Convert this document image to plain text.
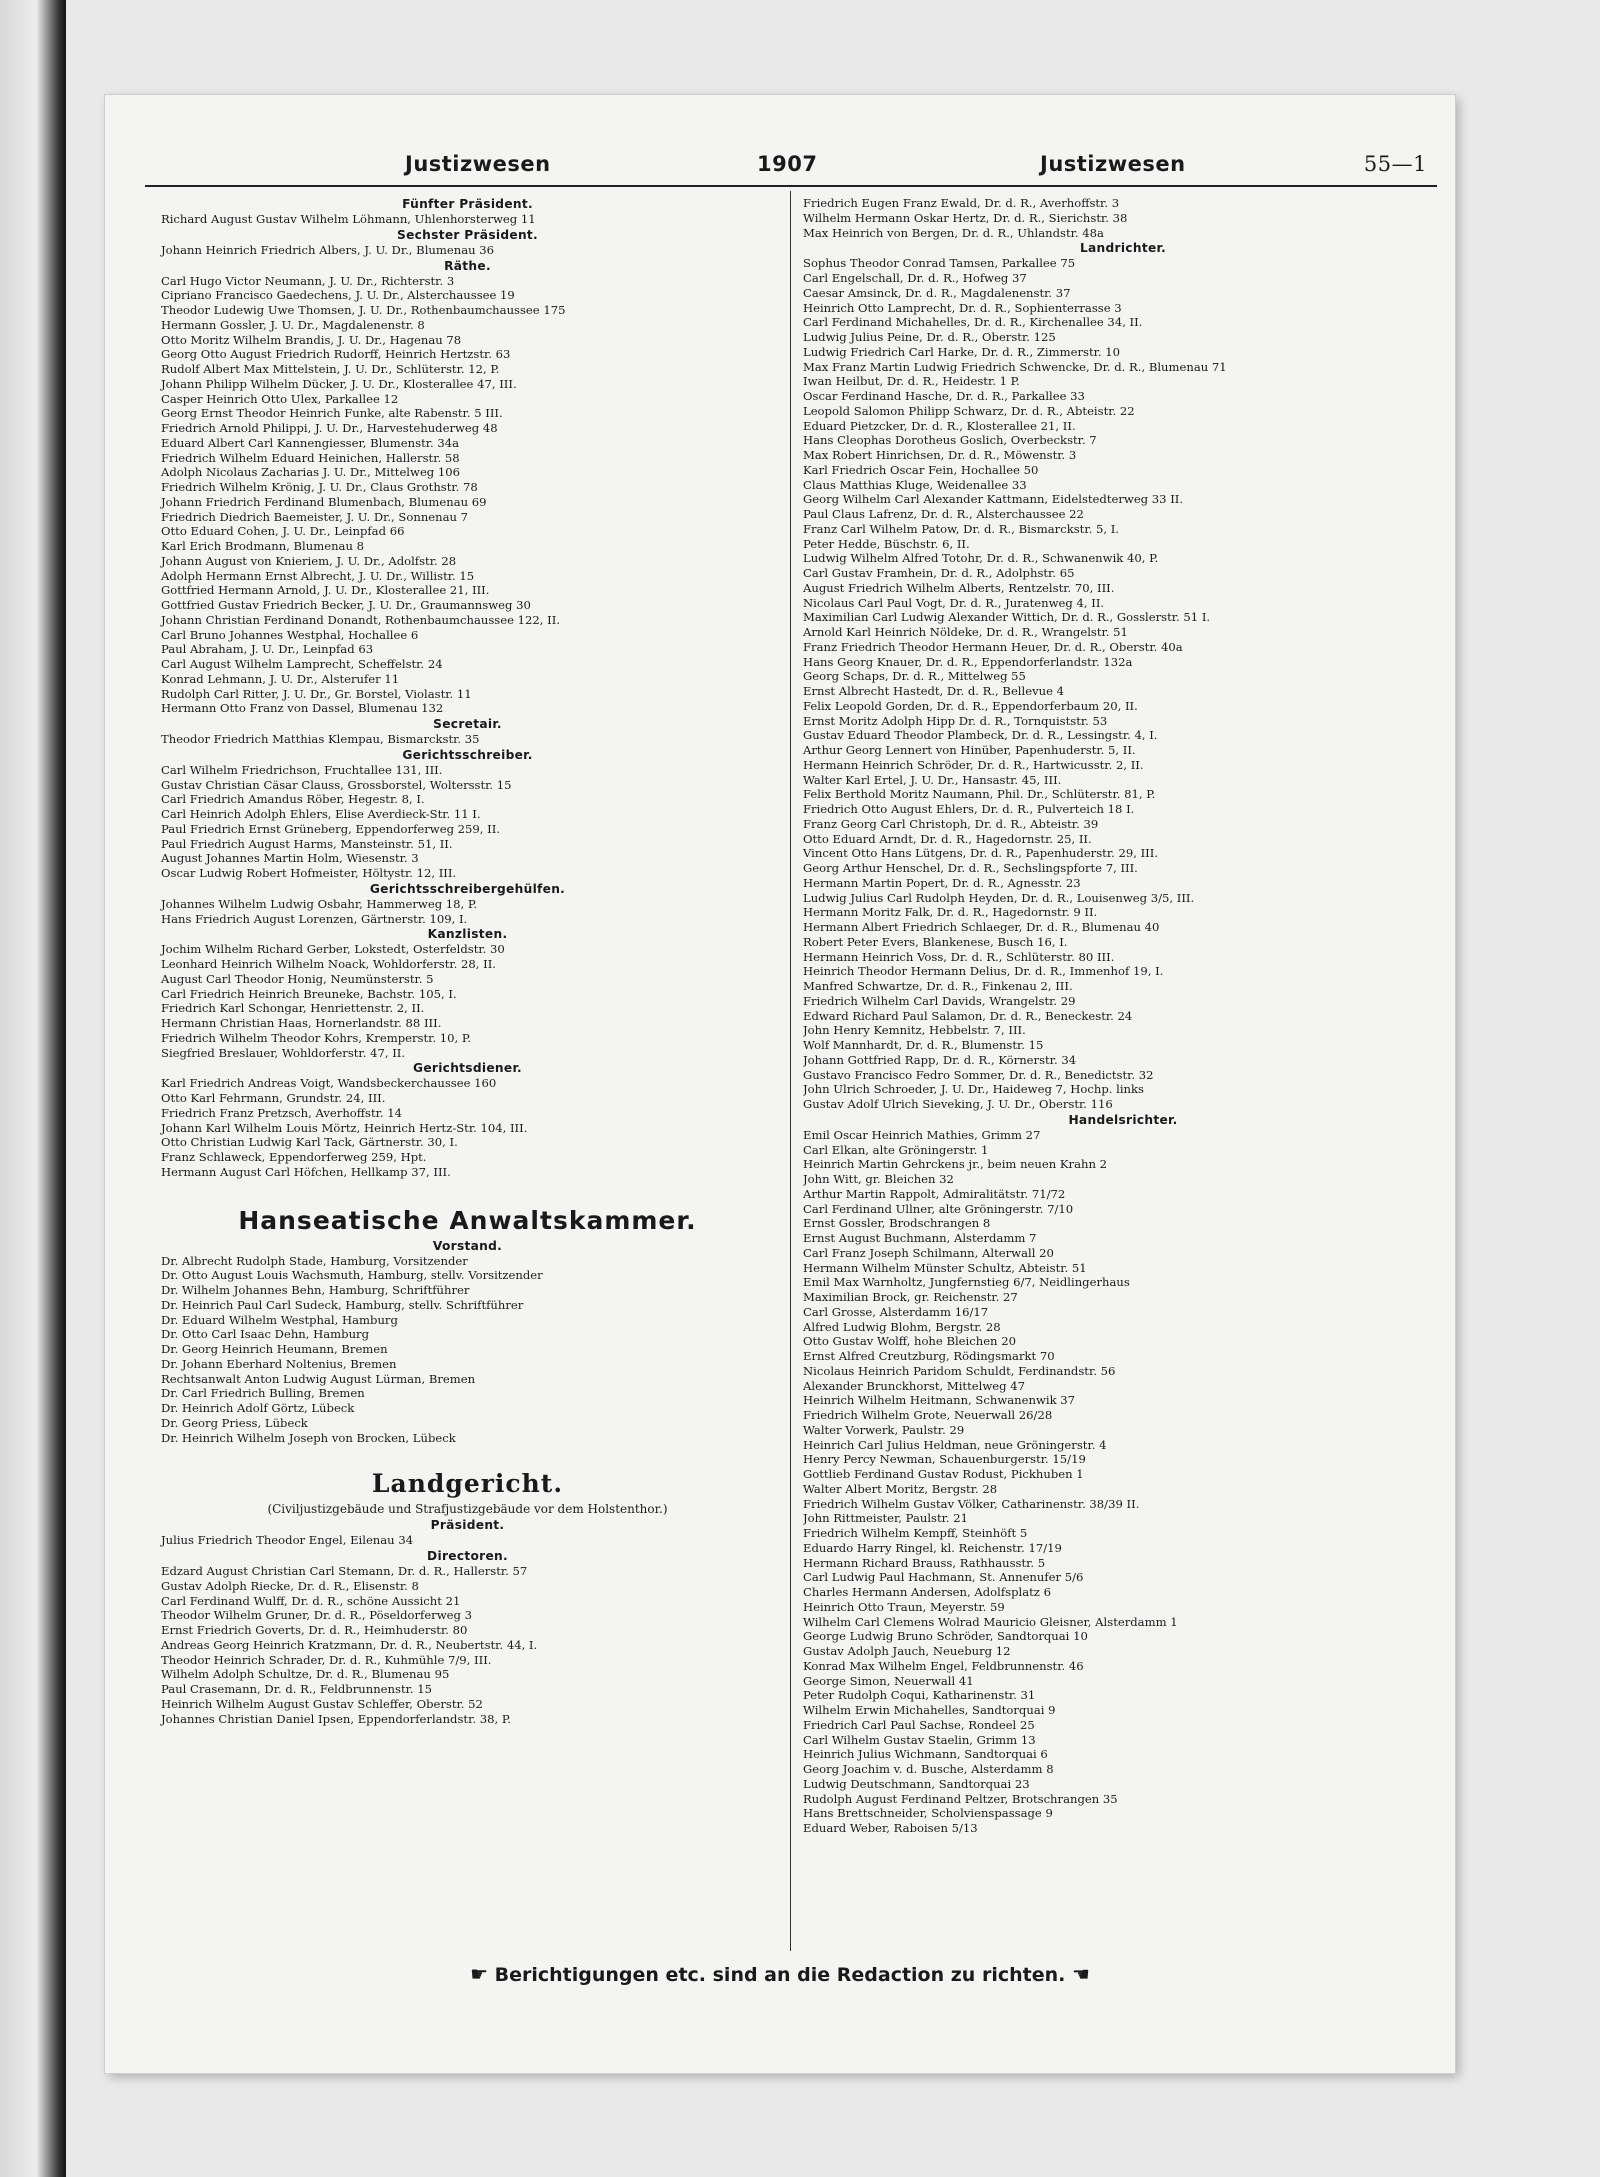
Justizwesen	1907	Justizwesen	55—1
Fünfter Präsident.
Richard August Gustav Wilhelm Löhmann, Uhlenhorsterweg 11
Sechster Präsident.
Johann Heinrich Friedrich Albers, J. U. Dr., Blumenau 36
Räthe.
Carl Hugo Victor Neumann, J. U. Dr., Richterstr. 3
Cipriano Francisco Gaedechens, J. U. Dr., Alsterchaussee 19
Theodor Ludewig Uwe Thomsen, J. U. Dr., Rothenbaumchaussee 175
Hermann Gossler, J. U. Dr., Magdalenenstr. 8
Otto Moritz Wilhelm Brandis, J. U. Dr., Hagenau 78
Georg Otto August Friedrich Rudorff, Heinrich Hertzstr. 63
Rudolf Albert Max Mittelstein, J. U. Dr., Schlüterstr. 12, P.
Johann Philipp Wilhelm Dücker, J. U. Dr., Klosterallee 47, III.
Casper Heinrich Otto Ulex, Parkallee 12
Georg Ernst Theodor Heinrich Funke, alte Rabenstr. 5 III.
Friedrich Arnold Philippi, J. U. Dr., Harvestehuderweg 48
Eduard Albert Carl Kannengiesser, Blumenstr. 34a
Friedrich Wilhelm Eduard Heinichen, Hallerstr. 58
Adolph Nicolaus Zacharias J. U. Dr., Mittelweg 106
Friedrich Wilhelm Krönig, J. U. Dr., Claus Grothstr. 78
Johann Friedrich Ferdinand Blumenbach, Blumenau 69
Friedrich Diedrich Baemeister, J. U. Dr., Sonnenau 7
Otto Eduard Cohen, J. U. Dr., Leinpfad 66
Karl Erich Brodmann, Blumenau 8
Johann August von Knieriem, J. U. Dr., Adolfstr. 28
Adolph Hermann Ernst Albrecht, J. U. Dr., Willistr. 15
Gottfried Hermann Arnold, J. U. Dr., Klosterallee 21, III.
Gottfried Gustav Friedrich Becker, J. U. Dr., Graumannsweg 30
Johann Christian Ferdinand Donandt, Rothenbaumchaussee 122, II.
Carl Bruno Johannes Westphal, Hochallee 6
Paul Abraham, J. U. Dr., Leinpfad 63
Carl August Wilhelm Lamprecht, Scheffelstr. 24
Konrad Lehmann, J. U. Dr., Alsterufer 11
Rudolph Carl Ritter, J. U. Dr., Gr. Borstel, Violastr. 11
Hermann Otto Franz von Dassel, Blumenau 132
Secretair.
Theodor Friedrich Matthias Klempau, Bismarckstr. 35
Gerichtsschreiber.
Carl Wilhelm Friedrichson, Fruchtallee 131, III.
Gustav Christian Cäsar Clauss, Grossborstel, Woltersstr. 15
Carl Friedrich Amandus Röber, Hegestr. 8, I.
Carl Heinrich Adolph Ehlers, Elise Averdieck-Str. 11 I.
Paul Friedrich Ernst Grüneberg, Eppendorferweg 259, II.
Paul Friedrich August Harms, Mansteinstr. 51, II.
August Johannes Martin Holm, Wiesenstr. 3
Oscar Ludwig Robert Hofmeister, Höltystr. 12, III.
Gerichtsschreibergehülfen.
Johannes Wilhelm Ludwig Osbahr, Hammerweg 18, P.
Hans Friedrich August Lorenzen, Gärtnerstr. 109, I.
Kanzlisten.
Jochim Wilhelm Richard Gerber, Lokstedt, Osterfeldstr. 30
Leonhard Heinrich Wilhelm Noack, Wohldorferstr. 28, II.
August Carl Theodor Honig, Neumünsterstr. 5
Carl Friedrich Heinrich Breuneke, Bachstr. 105, I.
Friedrich Karl Schongar, Henriettenstr. 2, II.
Hermann Christian Haas, Hornerlandstr. 88 III.
Friedrich Wilhelm Theodor Kohrs, Kremperstr. 10, P.
Siegfried Breslauer, Wohldorferstr. 47, II.
Gerichtsdiener.
Karl Friedrich Andreas Voigt, Wandsbeckerchaussee 160
Otto Karl Fehrmann, Grundstr. 24, III.
Friedrich Franz Pretzsch, Averhoffstr. 14
Johann Karl Wilhelm Louis Mörtz, Heinrich Hertz-Str. 104, III.
Otto Christian Ludwig Karl Tack, Gärtnerstr. 30, I.
Franz Schlaweck, Eppendorferweg 259, Hpt.
Hermann August Carl Höfchen, Hellkamp 37, III.
Hanseatische Anwaltskammer.
Vorstand.
Dr. Albrecht Rudolph Stade, Hamburg, Vorsitzender
Dr. Otto August Louis Wachsmuth, Hamburg, stellv. Vorsitzender
Dr. Wilhelm Johannes Behn, Hamburg, Schriftführer
Dr. Heinrich Paul Carl Sudeck, Hamburg, stellv. Schriftführer
Dr. Eduard Wilhelm Westphal, Hamburg
Dr. Otto Carl Isaac Dehn, Hamburg
Dr. Georg Heinrich Heumann, Bremen
Dr. Johann Eberhard Noltenius, Bremen
Rechtsanwalt Anton Ludwig August Lürman, Bremen
Dr. Carl Friedrich Bulling, Bremen
Dr. Heinrich Adolf Görtz, Lübeck
Dr. Georg Priess, Lübeck
Dr. Heinrich Wilhelm Joseph von Brocken, Lübeck
Landgericht.
(Civiljustizgebäude und Strafjustizgebäude vor dem Holstenthor.)
Präsident.
Julius Friedrich Theodor Engel, Eilenau 34
Directoren.
Edzard August Christian Carl Stemann, Dr. d. R., Hallerstr. 57
Gustav Adolph Riecke, Dr. d. R., Elisenstr. 8
Carl Ferdinand Wulff, Dr. d. R., schöne Aussicht 21
Theodor Wilhelm Gruner, Dr. d. R., Pöseldorferweg 3
Ernst Friedrich Goverts, Dr. d. R., Heimhuderstr. 80
Andreas Georg Heinrich Kratzmann, Dr. d. R., Neubertstr. 44, I.
Theodor Heinrich Schrader, Dr. d. R., Kuhmühle 7/9, III.
Wilhelm Adolph Schultze, Dr. d. R., Blumenau 95
Paul Crasemann, Dr. d. R., Feldbrunnenstr. 15
Heinrich Wilhelm August Gustav Schleffer, Oberstr. 52
Johannes Christian Daniel Ipsen, Eppendorferlandstr. 38, P.
Friedrich Eugen Franz Ewald, Dr. d. R., Averhoffstr. 3
Wilhelm Hermann Oskar Hertz, Dr. d. R., Sierichstr. 38
Max Heinrich von Bergen, Dr. d. R., Uhlandstr. 48a
Landrichter.
Sophus Theodor Conrad Tamsen, Parkallee 75
Carl Engelschall, Dr. d. R., Hofweg 37
Caesar Amsinck, Dr. d. R., Magdalenenstr. 37
Heinrich Otto Lamprecht, Dr. d. R., Sophienterrasse 3
Carl Ferdinand Michahelles, Dr. d. R., Kirchenallee 34, II.
Ludwig Julius Peine, Dr. d. R., Oberstr. 125
Ludwig Friedrich Carl Harke, Dr. d. R., Zimmerstr. 10
Max Franz Martin Ludwig Friedrich Schwencke, Dr. d. R., Blumenau 71
Iwan Heilbut, Dr. d. R., Heidestr. 1 P.
Oscar Ferdinand Hasche, Dr. d. R., Parkallee 33
Leopold Salomon Philipp Schwarz, Dr. d. R., Abteistr. 22
Eduard Pietzcker, Dr. d. R., Klosterallee 21, II.
Hans Cleophas Dorotheus Goslich, Overbeckstr. 7
Max Robert Hinrichsen, Dr. d. R., Möwenstr. 3
Karl Friedrich Oscar Fein, Hochallee 50
Claus Matthias Kluge, Weidenallee 33
Georg Wilhelm Carl Alexander Kattmann, Eidelstedterweg 33 II.
Paul Claus Lafrenz, Dr. d. R., Alsterchaussee 22
Franz Carl Wilhelm Patow, Dr. d. R., Bismarckstr. 5, I.
Peter Hedde, Büschstr. 6, II.
Ludwig Wilhelm Alfred Totohr, Dr. d. R., Schwanenwik 40, P.
Carl Gustav Framhein, Dr. d. R., Adolphstr. 65
August Friedrich Wilhelm Alberts, Rentzelstr. 70, III.
Nicolaus Carl Paul Vogt, Dr. d. R., Juratenweg 4, II.
Maximilian Carl Ludwig Alexander Wittich, Dr. d. R., Gosslerstr. 51 I.
Arnold Karl Heinrich Nöldeke, Dr. d. R., Wrangelstr. 51
Franz Friedrich Theodor Hermann Heuer, Dr. d. R., Oberstr. 40a
Hans Georg Knauer, Dr. d. R., Eppendorferlandstr. 132a
Georg Schaps, Dr. d. R., Mittelweg 55
Ernst Albrecht Hastedt, Dr. d. R., Bellevue 4
Felix Leopold Gorden, Dr. d. R., Eppendorferbaum 20, II.
Ernst Moritz Adolph Hipp Dr. d. R., Tornquiststr. 53
Gustav Eduard Theodor Plambeck, Dr. d. R., Lessingstr. 4, I.
Arthur Georg Lennert von Hinüber, Papenhuderstr. 5, II.
Hermann Heinrich Schröder, Dr. d. R., Hartwicusstr. 2, II.
Walter Karl Ertel, J. U. Dr., Hansastr. 45, III.
Felix Berthold Moritz Naumann, Phil. Dr., Schlüterstr. 81, P.
Friedrich Otto August Ehlers, Dr. d. R., Pulverteich 18 I.
Franz Georg Carl Christoph, Dr. d. R., Abteistr. 39
Otto Eduard Arndt, Dr. d. R., Hagedornstr. 25, II.
Vincent Otto Hans Lütgens, Dr. d. R., Papenhuderstr. 29, III.
Georg Arthur Henschel, Dr. d. R., Sechslingspforte 7, III.
Hermann Martin Popert, Dr. d. R., Agnesstr. 23
Ludwig Julius Carl Rudolph Heyden, Dr. d. R., Louisenweg 3/5, III.
Hermann Moritz Falk, Dr. d. R., Hagedornstr. 9 II.
Hermann Albert Friedrich Schlaeger, Dr. d. R., Blumenau 40
Robert Peter Evers, Blankenese, Busch 16, I.
Hermann Heinrich Voss, Dr. d. R., Schlüterstr. 80 III.
Heinrich Theodor Hermann Delius, Dr. d. R., Immenhof 19, I.
Manfred Schwartze, Dr. d. R., Finkenau 2, III.
Friedrich Wilhelm Carl Davids, Wrangelstr. 29
Edward Richard Paul Salamon, Dr. d. R., Beneckestr. 24
John Henry Kemnitz, Hebbelstr. 7, III.
Wolf Mannhardt, Dr. d. R., Blumenstr. 15
Johann Gottfried Rapp, Dr. d. R., Körnerstr. 34
Gustavo Francisco Fedro Sommer, Dr. d. R., Benedictstr. 32
John Ulrich Schroeder, J. U. Dr., Haideweg 7, Hochp. links
Gustav Adolf Ulrich Sieveking, J. U. Dr., Oberstr. 116
Handelsrichter.
Emil Oscar Heinrich Mathies, Grimm 27
Carl Elkan, alte Gröningerstr. 1
Heinrich Martin Gehrckens jr., beim neuen Krahn 2
John Witt, gr. Bleichen 32
Arthur Martin Rappolt, Admiralitätstr. 71/72
Carl Ferdinand Ullner, alte Gröningerstr. 7/10
Ernst Gossler, Brodschrangen 8
Ernst August Buchmann, Alsterdamm 7
Carl Franz Joseph Schilmann, Alterwall 20
Hermann Wilhelm Münster Schultz, Abteistr. 51
Emil Max Warnholtz, Jungfernstieg 6/7, Neidlingerhaus
Maximilian Brock, gr. Reichenstr. 27
Carl Grosse, Alsterdamm 16/17
Alfred Ludwig Blohm, Bergstr. 28
Otto Gustav Wolff, hohe Bleichen 20
Ernst Alfred Creutzburg, Rödingsmarkt 70
Nicolaus Heinrich Paridom Schuldt, Ferdinandstr. 56
Alexander Brunckhorst, Mittelweg 47
Heinrich Wilhelm Heitmann, Schwanenwik 37
Friedrich Wilhelm Grote, Neuerwall 26/28
Walter Vorwerk, Paulstr. 29
Heinrich Carl Julius Heldman, neue Gröningerstr. 4
Henry Percy Newman, Schauenburgerstr. 15/19
Gottlieb Ferdinand Gustav Rodust, Pickhuben 1
Walter Albert Moritz, Bergstr. 28
Friedrich Wilhelm Gustav Völker, Catharinenstr. 38/39 II.
John Rittmeister, Paulstr. 21
Friedrich Wilhelm Kempff, Steinhöft 5
Eduardo Harry Ringel, kl. Reichenstr. 17/19
Hermann Richard Brauss, Rathhausstr. 5
Carl Ludwig Paul Hachmann, St. Annenufer 5/6
Charles Hermann Andersen, Adolfsplatz 6
Heinrich Otto Traun, Meyerstr. 59
Wilhelm Carl Clemens Wolrad Mauricio Gleisner, Alsterdamm 1
George Ludwig Bruno Schröder, Sandtorquai 10
Gustav Adolph Jauch, Neueburg 12
Konrad Max Wilhelm Engel, Feldbrunnenstr. 46
George Simon, Neuerwall 41
Peter Rudolph Coqui, Katharinenstr. 31
Wilhelm Erwin Michahelles, Sandtorquai 9
Friedrich Carl Paul Sachse, Rondeel 25
Carl Wilhelm Gustav Staelin, Grimm 13
Heinrich Julius Wichmann, Sandtorquai 6
Georg Joachim v. d. Busche, Alsterdamm 8
Ludwig Deutschmann, Sandtorquai 23
Rudolph August Ferdinand Peltzer, Brotschrangen 35
Hans Brettschneider, Scholvienspassage 9
Eduard Weber, Raboisen 5/13
☛ Berichtigungen etc. sind an die Redaction zu richten. ☚
